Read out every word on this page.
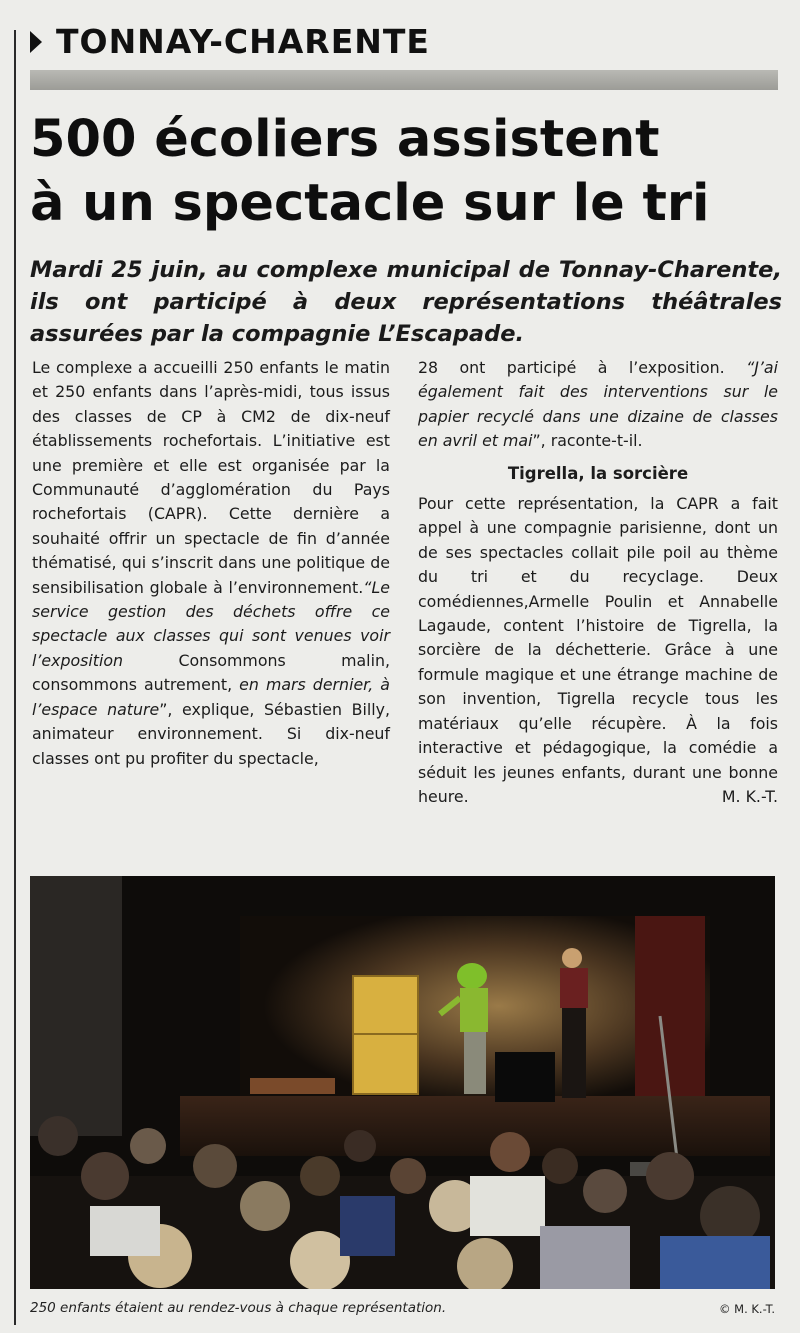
TONNAY-CHARENTE
500 écoliers assistent
à un spectacle sur le tri

Mardi 25 juin, au complexe municipal de Tonnay-Charente, ils ont participé à deux représentations théâtrales assurées par la compagnie L’Escapade.

Le complexe a accueilli 250 enfants le matin et 250 enfants dans l’après-midi, tous issus des classes de CP à CM2 de dix-neuf établissements rochefortais. L’initiative est une première et elle est organisée par la Communauté d’agglomération du Pays rochefortais (CAPR). Cette dernière a souhaité offrir un spectacle de fin d’année thématisé, qui s’inscrit dans une politique de sensibilisation globale à l’environnement.“Le service gestion des déchets offre ce spectacle aux classes qui sont venues voir l’exposition Consommons malin, consommons autrement, en mars dernier, à l’espace nature”, explique, Sébastien Billy, animateur environnement. Si dix-neuf classes ont pu profiter du spectacle,

28 ont participé à l’exposition. “J’ai également fait des interventions sur le papier recyclé dans une dizaine de classes en avril et mai”, raconte-t-il.

Tigrella, la sorcière

Pour cette représentation, la CAPR a fait appel à une compagnie parisienne, dont un de ses spectacles collait pile poil au thème du tri et du recyclage. Deux comédiennes,Armelle Poulin et Annabelle Lagaude, content l’histoire de Tigrella, la sorcière de la déchetterie. Grâce à une formule magique et une étrange machine de son invention, Tigrella recycle tous les matériaux qu’elle récupère. À la fois interactive et pédagogique, la comédie a séduit les jeunes enfants, durant une bonne heure.	M. K.-T.

250 enfants étaient au rendez-vous à chaque représentation.	© M. K.-T.
